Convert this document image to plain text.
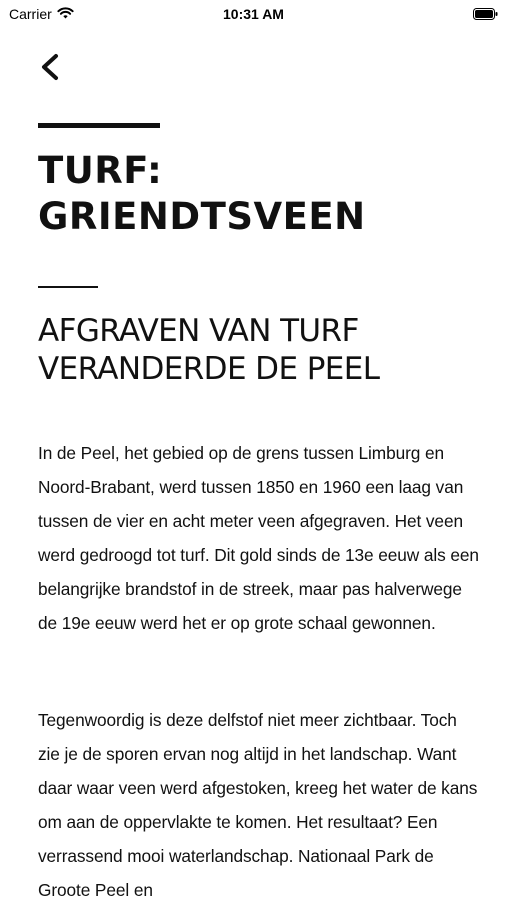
Carrier	10:31 AM
TURF: GRIENDTSVEEN
AFGRAVEN VAN TURF VERANDERDE DE PEEL

In de Peel, het gebied op de grens tussen Limburg en Noord-Brabant, werd tussen 1850 en 1960 een laag van tussen de vier en acht meter veen afgegraven. Het veen werd gedroogd tot turf. Dit gold sinds de 13e eeuw als een belangrijke brandstof in de streek, maar pas halverwege de 19e eeuw werd het er op grote schaal gewonnen.

Tegenwoordig is deze delfstof niet meer zichtbaar. Toch zie je de sporen ervan nog altijd in het landschap. Want daar waar veen werd afgestoken, kreeg het water de kans om aan de oppervlakte te komen. Het resultaat? Een verrassend mooi waterlandschap. Nationaal Park de Groote Peel en
